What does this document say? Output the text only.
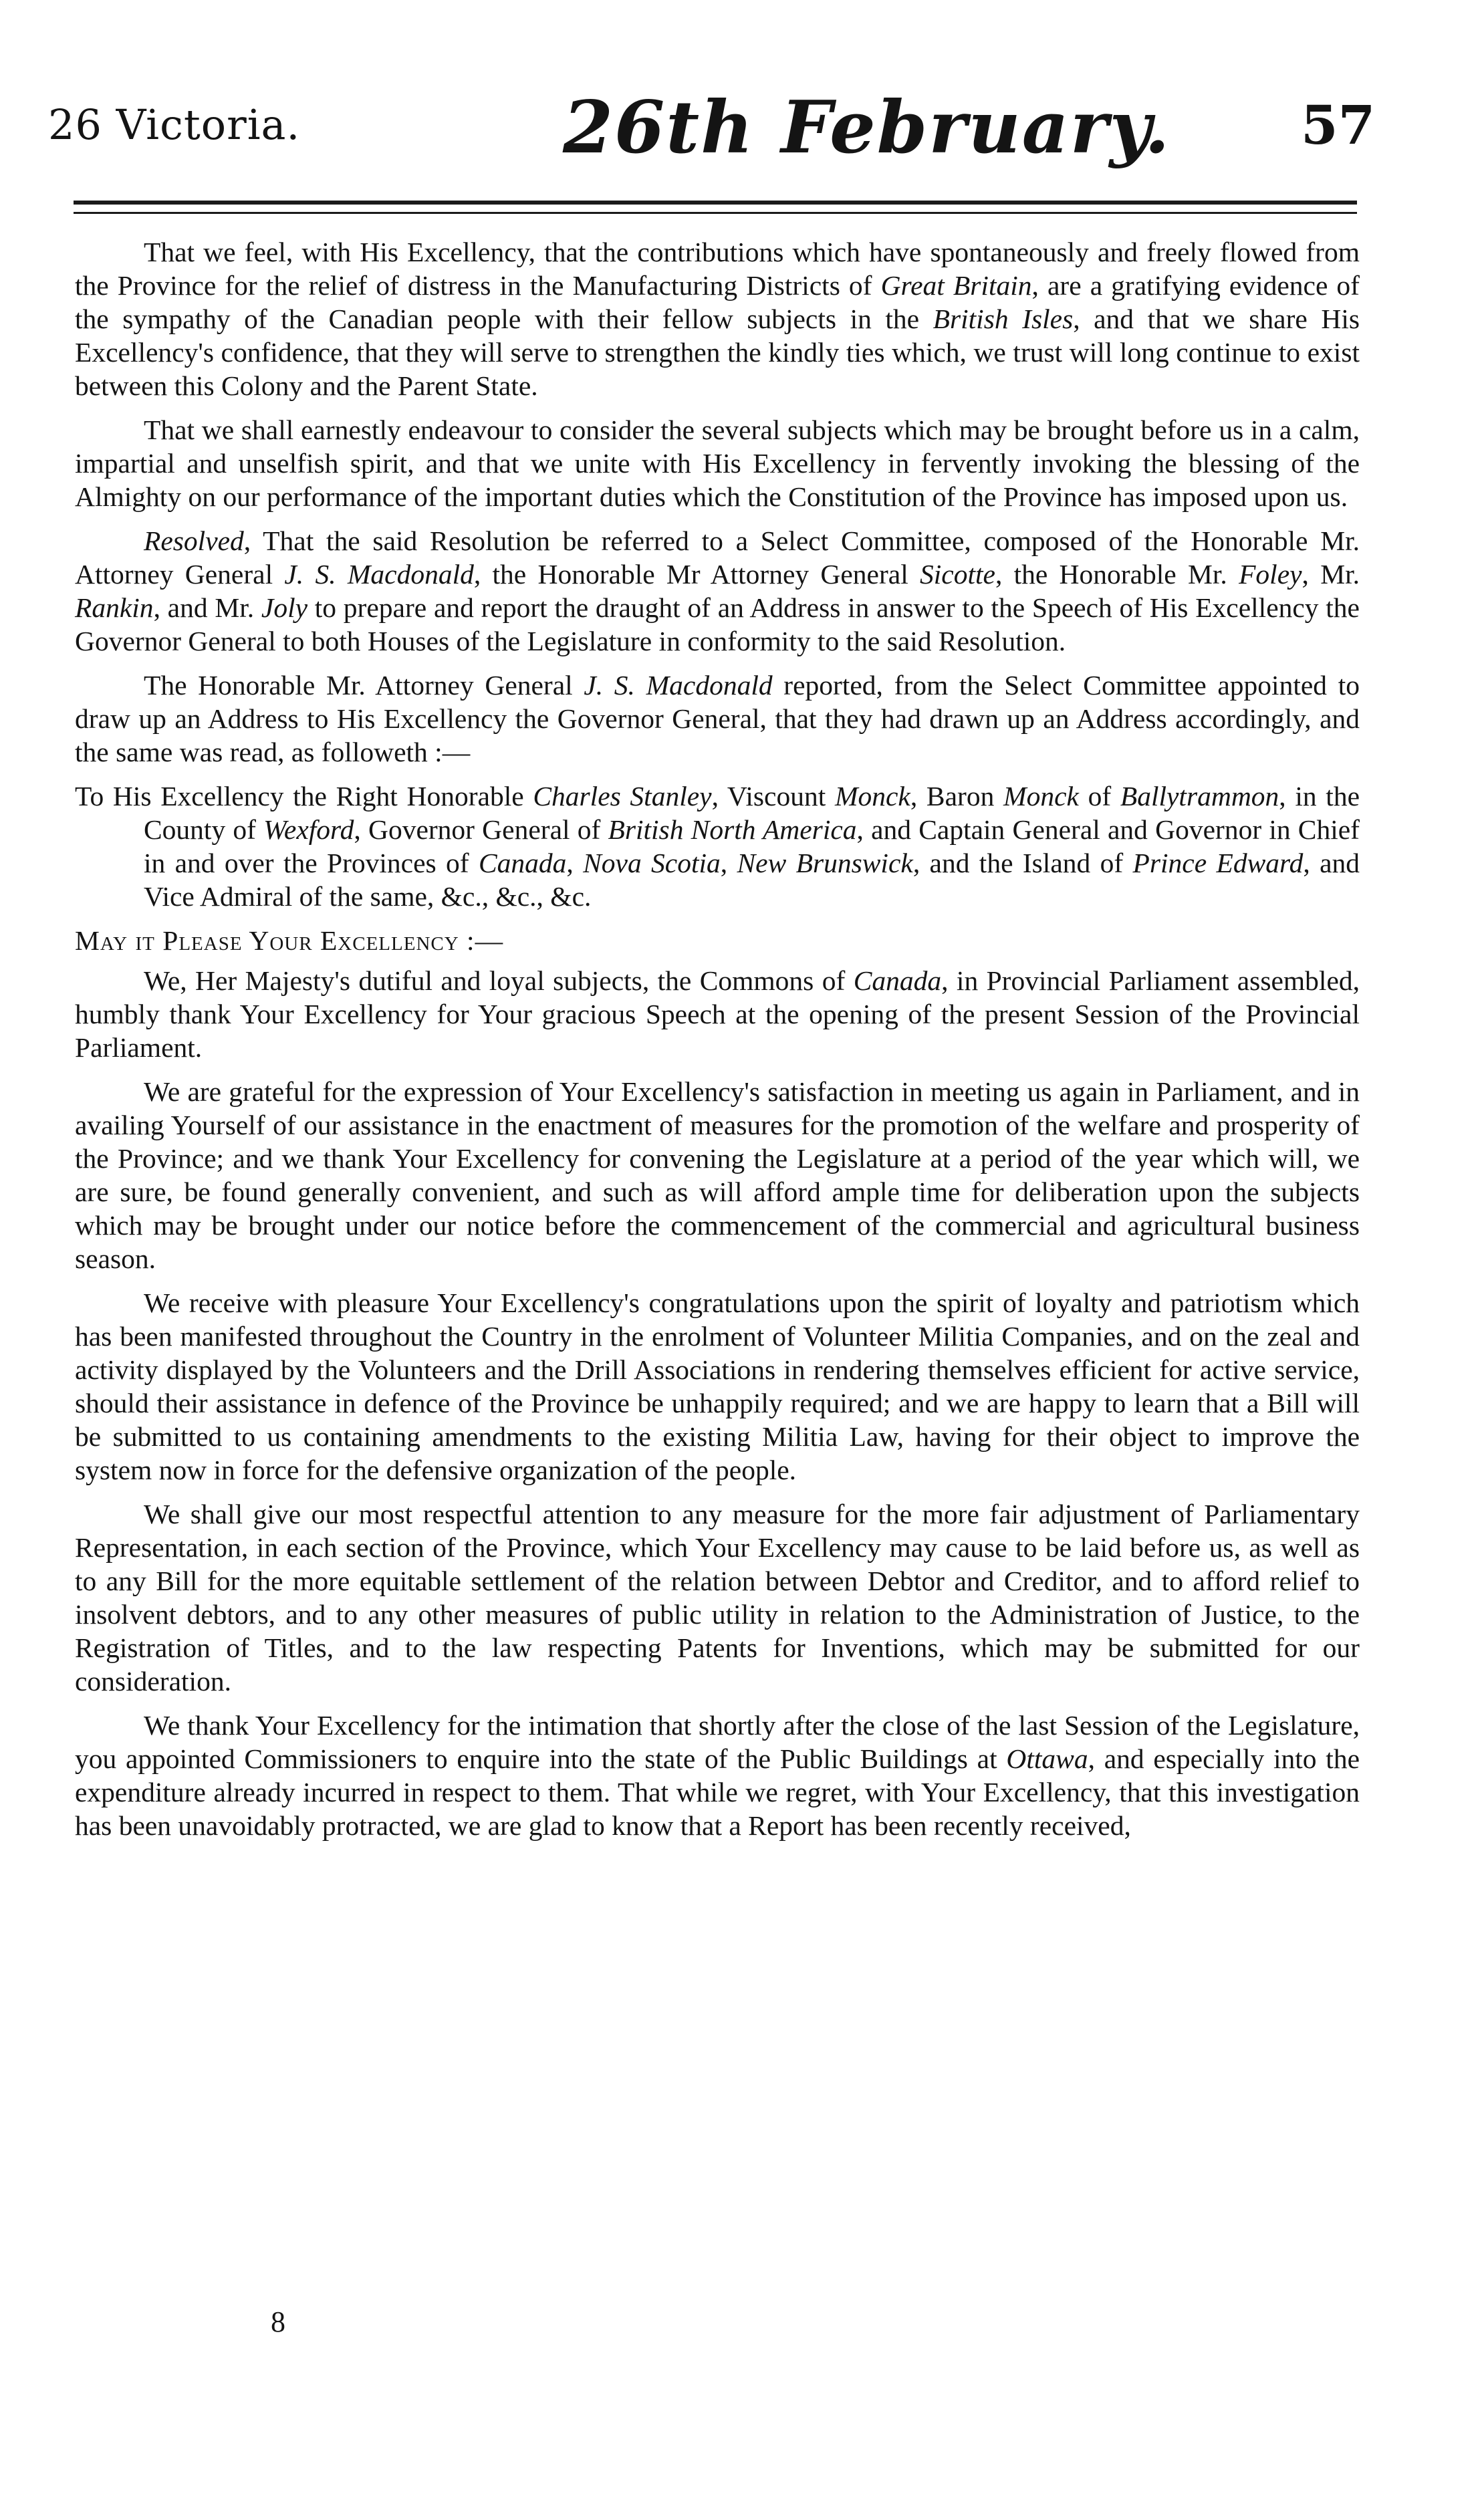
26 Victoria.	26th February. 57

That we feel, with His Excellency, that the contributions which have spontaneously and freely flowed from the Province for the relief of distress in the Manufacturing Districts of Great Britain, are a gratifying evidence of the sympathy of the Canadian people with their fellow subjects in the British Isles, and that we share His Excellency's confidence, that they will serve to strengthen the kindly ties which, we trust will long continue to exist between this Colony and the Parent State.

That we shall earnestly endeavour to consider the several subjects which may be brought before us in a calm, impartial and unselfish spirit, and that we unite with His Excellency in fervently invoking the blessing of the Almighty on our performance of the important duties which the Constitution of the Province has imposed upon us.

Resolved, That the said Resolution be referred to a Select Committee, composed of the Honorable Mr. Attorney General J. S. Macdonald, the Honorable Mr Attorney General Sicotte, the Honorable Mr. Foley, Mr. Rankin, and Mr. Joly to prepare and report the draught of an Address in answer to the Speech of His Excellency the Governor General to both Houses of the Legislature in conformity to the said Resolution.

The Honorable Mr. Attorney General J. S. Macdonald reported, from the Select Committee appointed to draw up an Address to His Excellency the Governor General, that they had drawn up an Address accordingly, and the same was read, as followeth :—

To His Excellency the Right Honorable Charles Stanley, Viscount Monck, Baron Monck of Ballytrammon, in the County of Wexford, Governor General of British North America, and Captain General and Governor in Chief in and over the Provinces of Canada, Nova Scotia, New Brunswick, and the Island of Prince Edward, and Vice Admiral of the same, &c., &c., &c.

May it Please Your Excellency :—

We, Her Majesty's dutiful and loyal subjects, the Commons of Canada, in Provincial Parliament assembled, humbly thank Your Excellency for Your gracious Speech at the opening of the present Session of the Provincial Parliament.

We are grateful for the expression of Your Excellency's satisfaction in meeting us again in Parliament, and in availing Yourself of our assistance in the enactment of measures for the promotion of the welfare and prosperity of the Province; and we thank Your Excellency for convening the Legislature at a period of the year which will, we are sure, be found generally convenient, and such as will afford ample time for deliberation upon the subjects which may be brought under our notice before the commencement of the commercial and agricultural business season.

We receive with pleasure Your Excellency's congratulations upon the spirit of loyalty and patriotism which has been manifested throughout the Country in the enrolment of Volunteer Militia Companies, and on the zeal and activity displayed by the Volunteers and the Drill Associations in rendering themselves efficient for active service, should their assistance in defence of the Province be unhappily required; and we are happy to learn that a Bill will be submitted to us containing amendments to the existing Militia Law, having for their object to improve the system now in force for the defensive organization of the people.

We shall give our most respectful attention to any measure for the more fair adjustment of Parliamentary Representation, in each section of the Province, which Your Excellency may cause to be laid before us, as well as to any Bill for the more equitable settlement of the relation between Debtor and Creditor, and to afford relief to insolvent debtors, and to any other measures of public utility in relation to the Administration of Justice, to the Registration of Titles, and to the law respecting Patents for Inventions, which may be submitted for our consideration.

We thank Your Excellency for the intimation that shortly after the close of the last Session of the Legislature, you appointed Commissioners to enquire into the state of the Public Buildings at Ottawa, and especially into the expenditure already incurred in respect to them. That while we regret, with Your Excellency, that this investigation has been unavoidably protracted, we are glad to know that a Report has been recently received,

8
